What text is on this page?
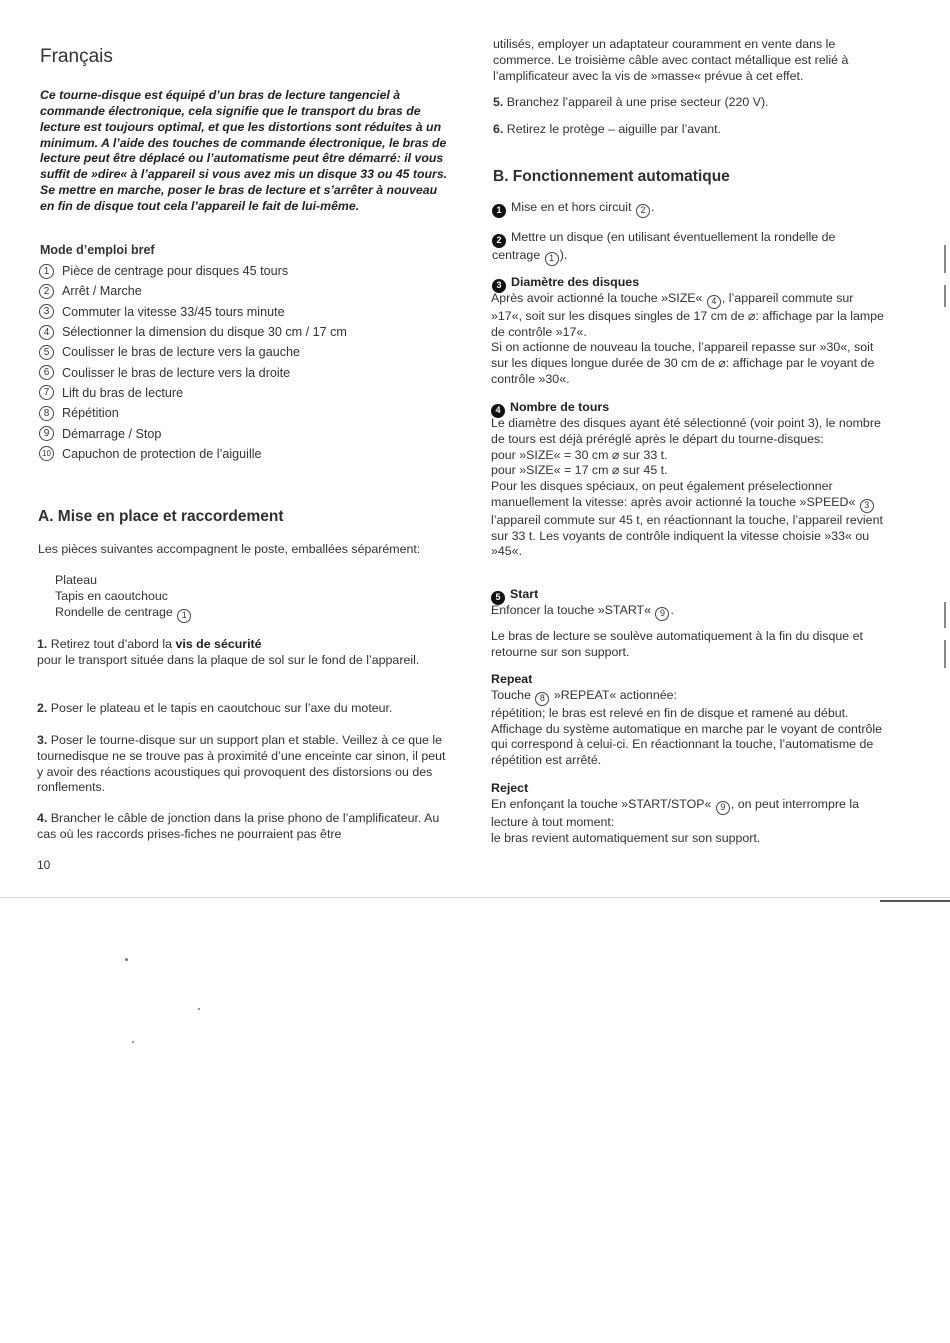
Français

Ce tourne-disque est équipé d’un bras de lecture tangenciel à commande électronique, cela signifie que le transport du bras de lecture est toujours optimal, et que les distortions sont réduites à un minimum. A l’aide des touches de commande électronique, le bras de lecture peut être déplacé ou l’automatisme peut être démarré: il vous suffit de »dire« à l’appareil si vous avez mis un disque 33 ou 45 tours. Se mettre en marche, poser le bras de lecture et s’arrêter à nouveau en fin de disque tout cela l’appareil le fait de lui-même.

Mode d’emploi bref
1	Pièce de centrage pour disques 45 tours
2	Arrêt / Marche
3	Commuter la vitesse 33/45 tours minute
4	Sélectionner la dimension du disque 30 cm / 17 cm
5	Coulisser le bras de lecture vers la gauche
6	Coulisser le bras de lecture vers la droite
7	Lift du bras de lecture
8	Répétition
9	Démarrage / Stop
10 Capuchon de protection de l’aiguille
A. Mise en place et raccordement

Les pièces suivantes accompagnent le poste, emballées séparément:

Plateau
Tapis en caoutchouc
Rondelle de centrage 1

1. Retirez tout d’abord la vis de sécurité
pour le transport située dans la plaque de sol sur le fond de l’appareil.

2. Poser le plateau et le tapis en caoutchouc sur l’axe du moteur.

3. Poser le tourne-disque sur un support plan et stable. Veillez à ce que le tournedisque ne se trouve pas à proximité d’une enceinte car sinon, il peut y avoir des réactions acoustiques qui provoquent des distorsions ou des ronflements.

4. Brancher le câble de jonction dans la prise phono de l’amplificateur. Au cas où les raccords prises-fiches ne pourraient pas être

10

utilisés, employer un adaptateur couramment en vente dans le commerce. Le troisième câble avec contact métallique est relié à l’amplificateur avec la vis de »masse« prévue à cet effet.

5. Branchez l’appareil à une prise secteur (220 V).

6. Retirez le protège – aiguille par l’avant.

B. Fonctionnement automatique

1 Mise en et hors circuit 2 .

2 Mettre un disque (en utilisant éventuellement la rondelle de centrage 1 ).

3 Diamètre des disques

Après avoir actionné la touche »SIZE« 4 , l’appareil commute sur »17«, soit sur les disques singles de 17 cm de ⌀: affichage par la lampe de contrôle »17«.
Si on actionne de nouveau la touche, l’appareil repasse sur »30«, soit sur les diques longue durée de 30 cm de ⌀: affichage par le voyant de contrôle »30«.

4 Nombre de tours

Le diamètre des disques ayant été sélectionné (voir point 3), le nombre de tours est déjà préréglé après le départ du tourne-disques:
pour »SIZE« = 30 cm ⌀ sur 33 t.
pour »SIZE« = 17 cm ⌀ sur 45 t.
Pour les disques spéciaux, on peut également préselectionner manuellement la vitesse: après avoir actionné la touche »SPEED« 3l’appareil commute sur 45 t, en réactionnant la touche, l’appareil revient sur 33 t. Les voyants de contrôle indiquent la vitesse choisie »33« ou »45«.

5 Start

Enfoncer la touche »START« 9 .

Le bras de lecture se soulève automatiquement à la fin du disque et retourne sur son support.

Repeat

Touche 8 »REPEAT« actionnée:
répétition; le bras est relevé en fin de disque et ramené au début. Affichage du système automatique en marche par le voyant de contrôle qui correspond à celui-ci. En réactionnant la touche, l’automatisme de répétition est arrêté.

Reject

En enfonçant la touche »START/STOP« 9 , on peut interrompre la lecture à tout moment:
le bras revient automatiquement sur son support.
